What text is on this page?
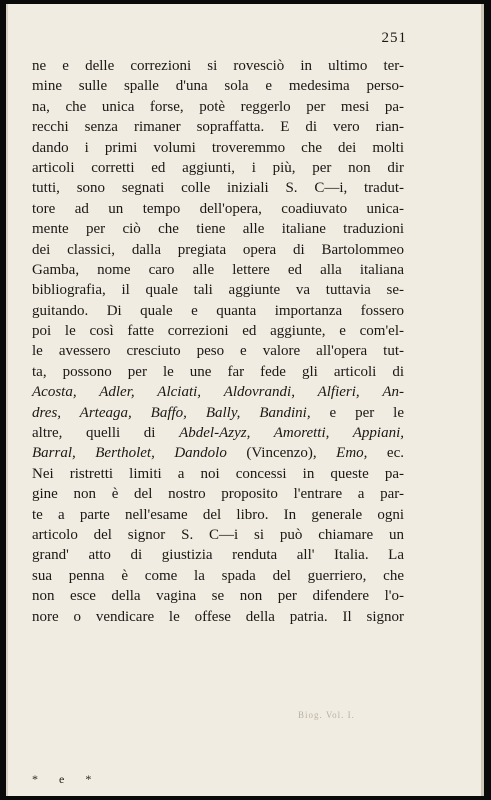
251
ne e delle correzioni si rovesciò in ultimo ter-
mine sulle spalle d'una sola e medesima perso-
na, che unica forse, potè reggerlo per mesi pa-
recchi senza rimaner sopraffatta. E di vero rian-
dando i primi volumi troveremmo che dei molti
articoli corretti ed aggiunti, i più, per non dir
tutti, sono segnati colle iniziali S. C—i, tradut-
tore ad un tempo dell'opera, coadiuvato unica-
mente per ciò che tiene alle italiane traduzioni
dei classici, dalla pregiata opera di Bartolommeo
Gamba, nome caro alle lettere ed alla italiana
bibliografia, il quale tali aggiunte va tuttavia se-
guitando. Di quale e quanta importanza fossero
poi le così fatte correzioni ed aggiunte, e com'el-
le avessero cresciuto peso e valore all'opera tut-
ta, possono per le une far fede gli articoli di
Acosta, Adler, Alciati, Aldovrandi, Alfieri, An-
dres, Arteaga, Baffo, Bally, Bandini, e per le
altre, quelli di Abdel-Azyz, Amoretti, Appiani,
Barral, Bertholet, Dandolo (Vincenzo), Emo, ec.
Nei ristretti limiti a noi concessi in queste pa-
gine non è del nostro proposito l'entrare a par-
te a parte nell'esame del libro. In generale ogni
articolo del signor S. C—i si può chiamare un
grand' atto di giustizia renduta all' Italia. La
sua penna è come la spada del guerriero, che
non esce della vagina se non per difendere l'o-
nore o vendicare le offese della patria. Il signor
Biog. Vol. I.
* e *
